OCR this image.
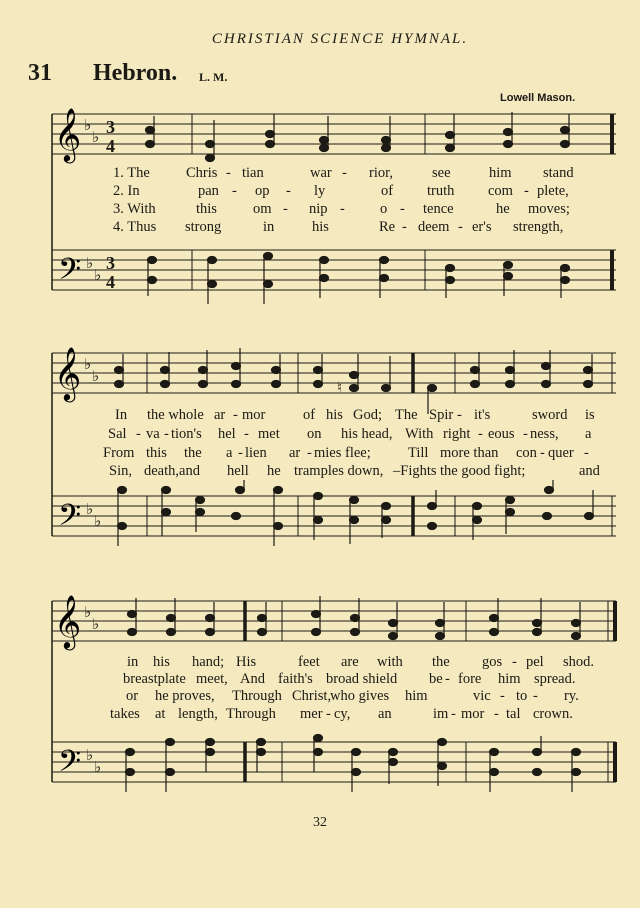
CHRISTIAN SCIENCE HYMNAL.
31 Hebron. L. M.
Lowell Mason.
𝄞
𝄢
♭
♭
♭
♭
3
4
3
4
1. The Chris - tian	war - rior,	see	him stand
2. In	pan - op - ly	of truth com - plete,
3. With	this om - nip - o - tence	he moves;
4. Thus strong	in	his	Re - deem - er's strength,
𝄞
𝄢
♭
♭
♭
♭
♮
In the whole ar - mor	of his God; The Spir - it's	sword is
Sal - va - tion's hel - met on his head, With right - eous - ness, a
From this the a - lien ar - mies flee;	Till more than con - quer -
Sin, death,and hell he tramples down, –Fights the good fight;	and
𝄞
𝄢
♭
♭
♭
♭
in his hand; His	feet are with the gos - pel shod.
breastplate meet, And faith's broad shield be - fore him spread.
or he proves, Through Christ,
who gives him	vic - to - ry.
takes at length, Through mer - cy, an	im - mor - tal crown.
32
